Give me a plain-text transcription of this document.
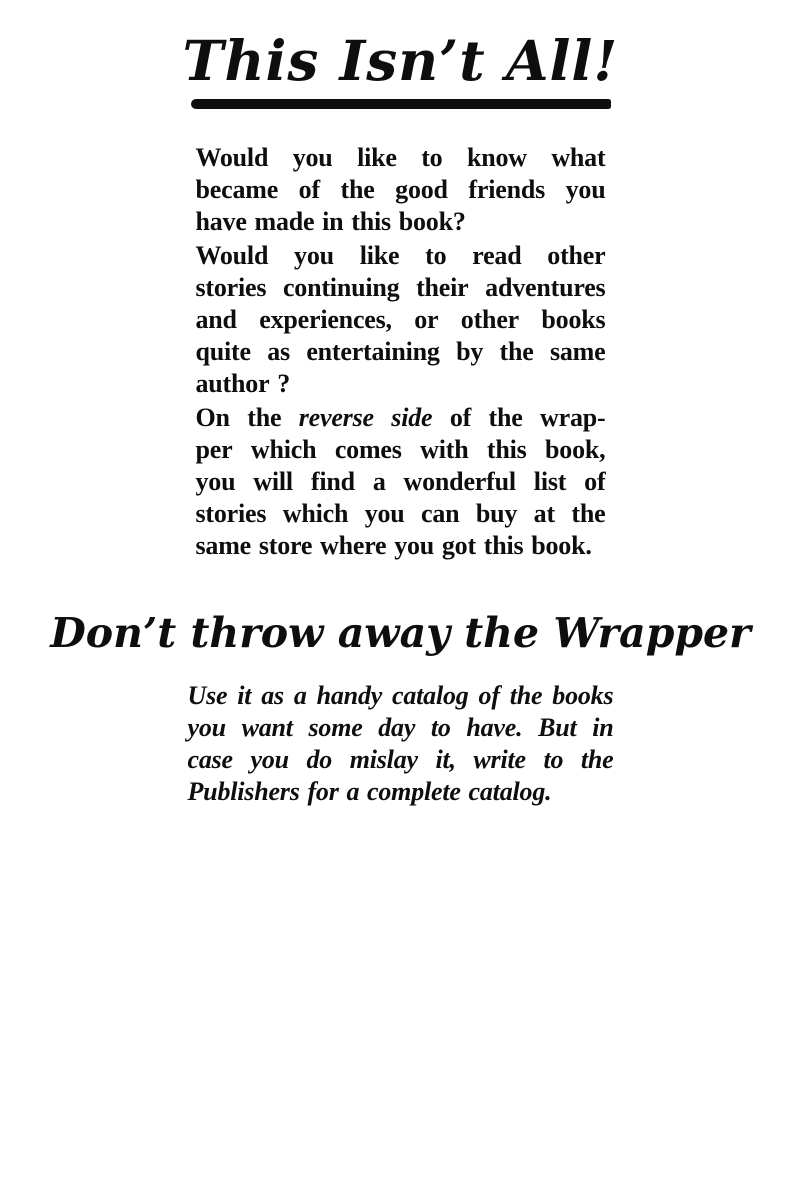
This Isn’t All!
Would you like to know what
became of the good friends you
have made in this book?
Would you like to read other
stories continuing their adventures
and experiences, or other books
quite as entertaining by the same
author ?
On the reverse side of the wrap-
per which comes with this book,
you will find a wonderful list of
stories which you can buy at the
same store where you got this book.
Don’t throw away the Wrapper
Use it as a handy catalog of the books
you want some day to have. But in
case you do mislay it, write to the
Publishers for a complete catalog.
